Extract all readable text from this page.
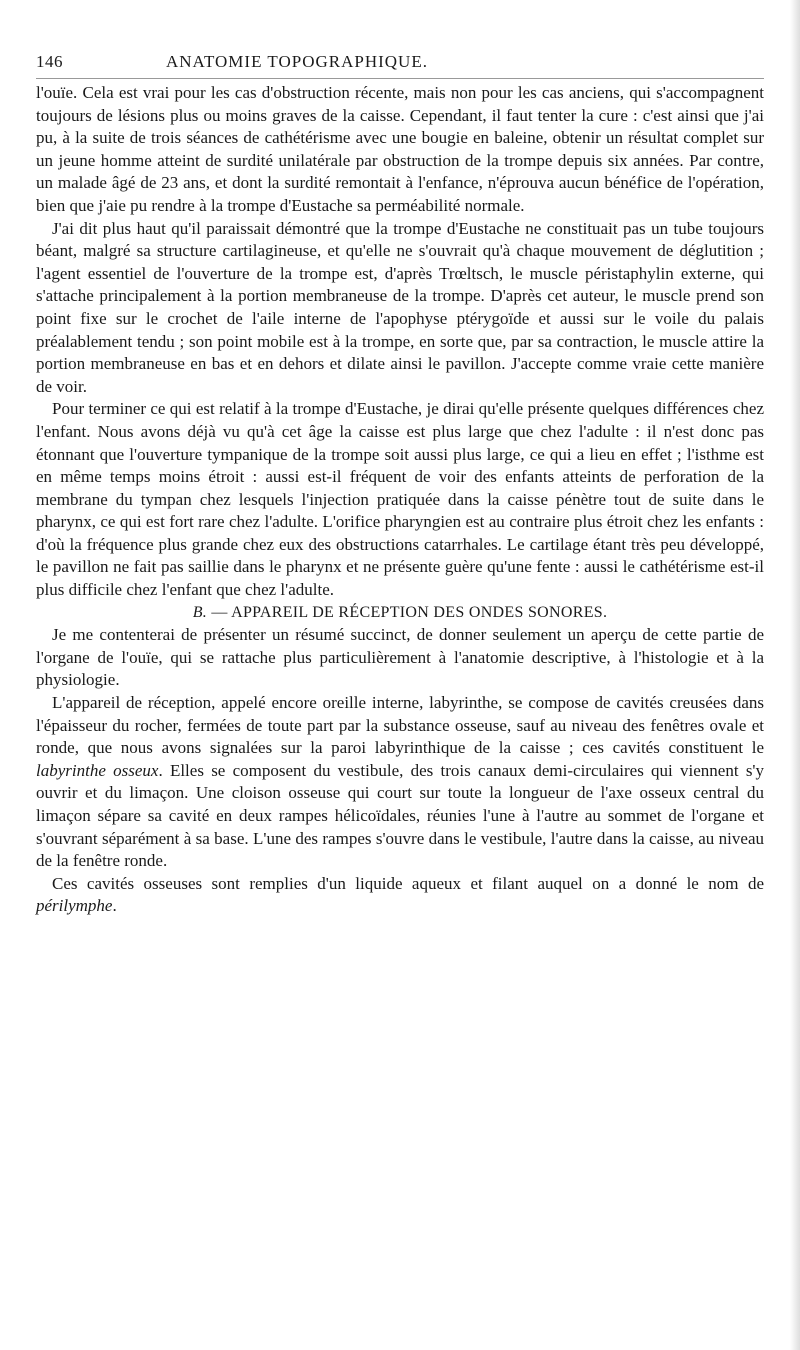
146	ANATOMIE TOPOGRAPHIQUE.

l'ouïe. Cela est vrai pour les cas d'obstruction récente, mais non pour les cas anciens, qui s'accompagnent toujours de lésions plus ou moins graves de la caisse. Cependant, il faut tenter la cure : c'est ainsi que j'ai pu, à la suite de trois séances de cathétérisme avec une bougie en baleine, obtenir un résultat complet sur un jeune homme atteint de surdité unilatérale par obstruction de la trompe depuis six années. Par contre, un malade âgé de 23 ans, et dont la surdité remontait à l'enfance, n'éprouva aucun bénéfice de l'opération, bien que j'aie pu rendre à la trompe d'Eustache sa perméabilité normale.

J'ai dit plus haut qu'il paraissait démontré que la trompe d'Eustache ne constituait pas un tube toujours béant, malgré sa structure cartilagineuse, et qu'elle ne s'ouvrait qu'à chaque mouvement de déglutition ; l'agent essentiel de l'ouverture de la trompe est, d'après Trœltsch, le muscle péristaphylin externe, qui s'attache principalement à la portion membraneuse de la trompe. D'après cet auteur, le muscle prend son point fixe sur le crochet de l'aile interne de l'apophyse ptérygoïde et aussi sur le voile du palais préalablement tendu ; son point mobile est à la trompe, en sorte que, par sa contraction, le muscle attire la portion membraneuse en bas et en dehors et dilate ainsi le pavillon. J'accepte comme vraie cette manière de voir.

Pour terminer ce qui est relatif à la trompe d'Eustache, je dirai qu'elle présente quelques différences chez l'enfant. Nous avons déjà vu qu'à cet âge la caisse est plus large que chez l'adulte : il n'est donc pas étonnant que l'ouverture tympanique de la trompe soit aussi plus large, ce qui a lieu en effet ; l'isthme est en même temps moins étroit : aussi est-il fréquent de voir des enfants atteints de perforation de la membrane du tympan chez lesquels l'injection pratiquée dans la caisse pénètre tout de suite dans le pharynx, ce qui est fort rare chez l'adulte. L'orifice pharyngien est au contraire plus étroit chez les enfants : d'où la fréquence plus grande chez eux des obstructions catarrhales. Le cartilage étant très peu développé, le pavillon ne fait pas saillie dans le pharynx et ne présente guère qu'une fente : aussi le cathétérisme est-il plus difficile chez l'enfant que chez l'adulte.

B. — APPAREIL DE RÉCEPTION DES ONDES SONORES.

Je me contenterai de présenter un résumé succinct, de donner seulement un aperçu de cette partie de l'organe de l'ouïe, qui se rattache plus particulièrement à l'anatomie descriptive, à l'histologie et à la physiologie.

L'appareil de réception, appelé encore oreille interne, labyrinthe, se compose de cavités creusées dans l'épaisseur du rocher, fermées de toute part par la substance osseuse, sauf au niveau des fenêtres ovale et ronde, que nous avons signalées sur la paroi labyrinthique de la caisse ; ces cavités constituent le labyrinthe osseux. Elles se composent du vestibule, des trois canaux demi-circulaires qui viennent s'y ouvrir et du limaçon. Une cloison osseuse qui court sur toute la longueur de l'axe osseux central du limaçon sépare sa cavité en deux rampes hélicoïdales, réunies l'une à l'autre au sommet de l'organe et s'ouvrant séparément à sa base. L'une des rampes s'ouvre dans le vestibule, l'autre dans la caisse, au niveau de la fenêtre ronde.

Ces cavités osseuses sont remplies d'un liquide aqueux et filant auquel on a donné le nom de périlymphe.
